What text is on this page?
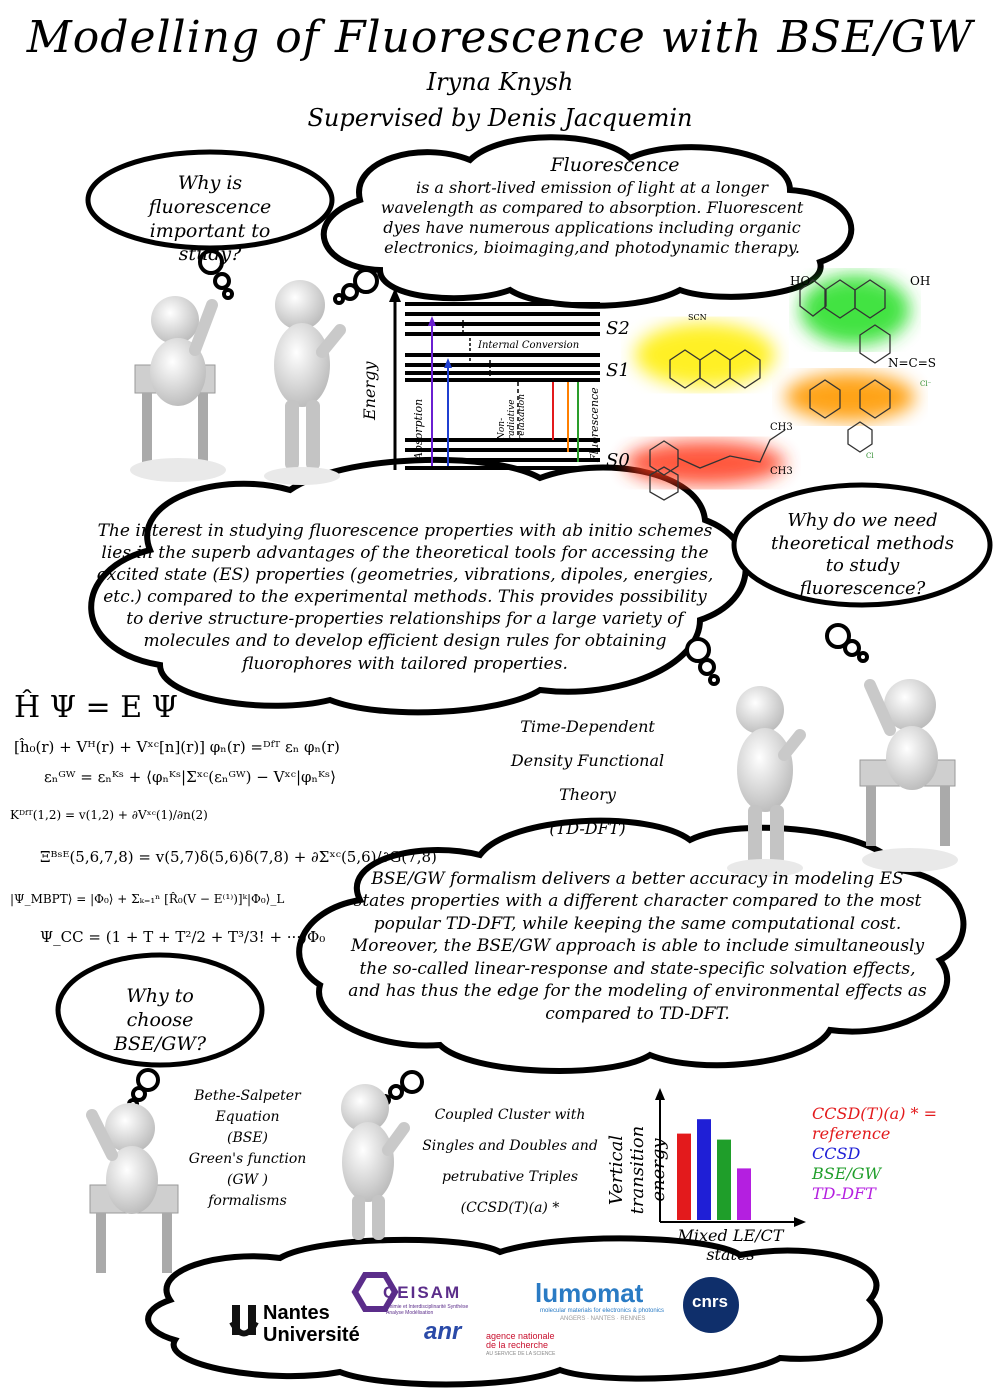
Modelling of Fluorescence with BSE/GW
Iryna Knysh
Supervised by Denis Jacquemin
Why is fluorescence important to study?
Fluorescence
is a short-lived emission of light at a longer wavelength as compared to absorption. Fluorescent dyes have numerous applications including organic electronics, bioimaging,and photodynamic therapy.
The interest in studying fluorescence properties with ab initio schemes lies in the superb advantages of the theoretical tools for accessing the excited state (ES) properties (geometries, vibrations, dipoles, energies, etc.) compared to the experimental methods. This provides possibility to derive structure-properties relationships for a large variety of molecules and to develop efficient design rules for obtaining fluorophores with tailored properties.
Why do we need theoretical methods to study fluorescence?
BSE/GW formalism delivers a better accuracy in modeling ES states properties with a different character compared to the most popular TD-DFT, while keeping the same computational cost. Moreover, the BSE/GW approach is able to include simultaneously the so-called linear-response and state-specific solvation effects, and has thus the edge for the modeling of environmental effects as compared to TD-DFT.
Why to choose BSE/GW?
Energy
S2
S1
S0
Internal Conversion
Absorption	Non-radiative relaxation	Fluorescence
SCN
HO	OH
N=C=S
Cl⁻
Cl
CH3
CH3
Time-Dependent
Density Functional Theory
(TD-DFT)
Bethe-Salpeter Equation
(BSE)
Green's function
(GW )
formalisms
Coupled Cluster with
Singles and Doubles and
petrubative Triples
(CCSD(T)(a) *
Ĥ Ψ = E Ψ
[ĥ₀(r) + Vᴴ(r) + Vˣᶜ[n](r)] φₙ(r) =ᴰᶠᵀ εₙ φₙ(r)
εₙᴳᵂ = εₙᴷˢ + ⟨φₙᴷˢ|Σˣᶜ(εₙᴳᵂ) − Vˣᶜ|φₙᴷˢ⟩
Kᴰᶠᵀ(1,2) = v(1,2) + ∂Vˣᶜ(1)/∂n(2)
Ξᴮˢᴱ(5,6,7,8) = v(5,7)δ(5,6)δ(7,8) + ∂Σˣᶜ(5,6)/∂G(7,8)
|Ψ_MBPT⟩ = |Φ₀⟩ + Σₖ₌₁ⁿ [R̂₀(V − E⁽¹⁾)]ᵏ|Φ₀⟩_L
Ψ_CC = (1 + T + T²/2 + T³/3! + ···)Φ₀
Vertical transition energy
Mixed LE/CT states
CCSD(T)(a) * = reference
CCSD
BSE/GW
TD-DFT
Nantes
Université
CEISAM
Chimie et Interdisciplinarité Synthèse Analyse Modélisation
lumomat
molecular materials for electronics & photonics
ANGERS · NANTES · RENNES
cnrs
anr	agence nationale
de la recherche
AU SERVICE DE LA SCIENCE
